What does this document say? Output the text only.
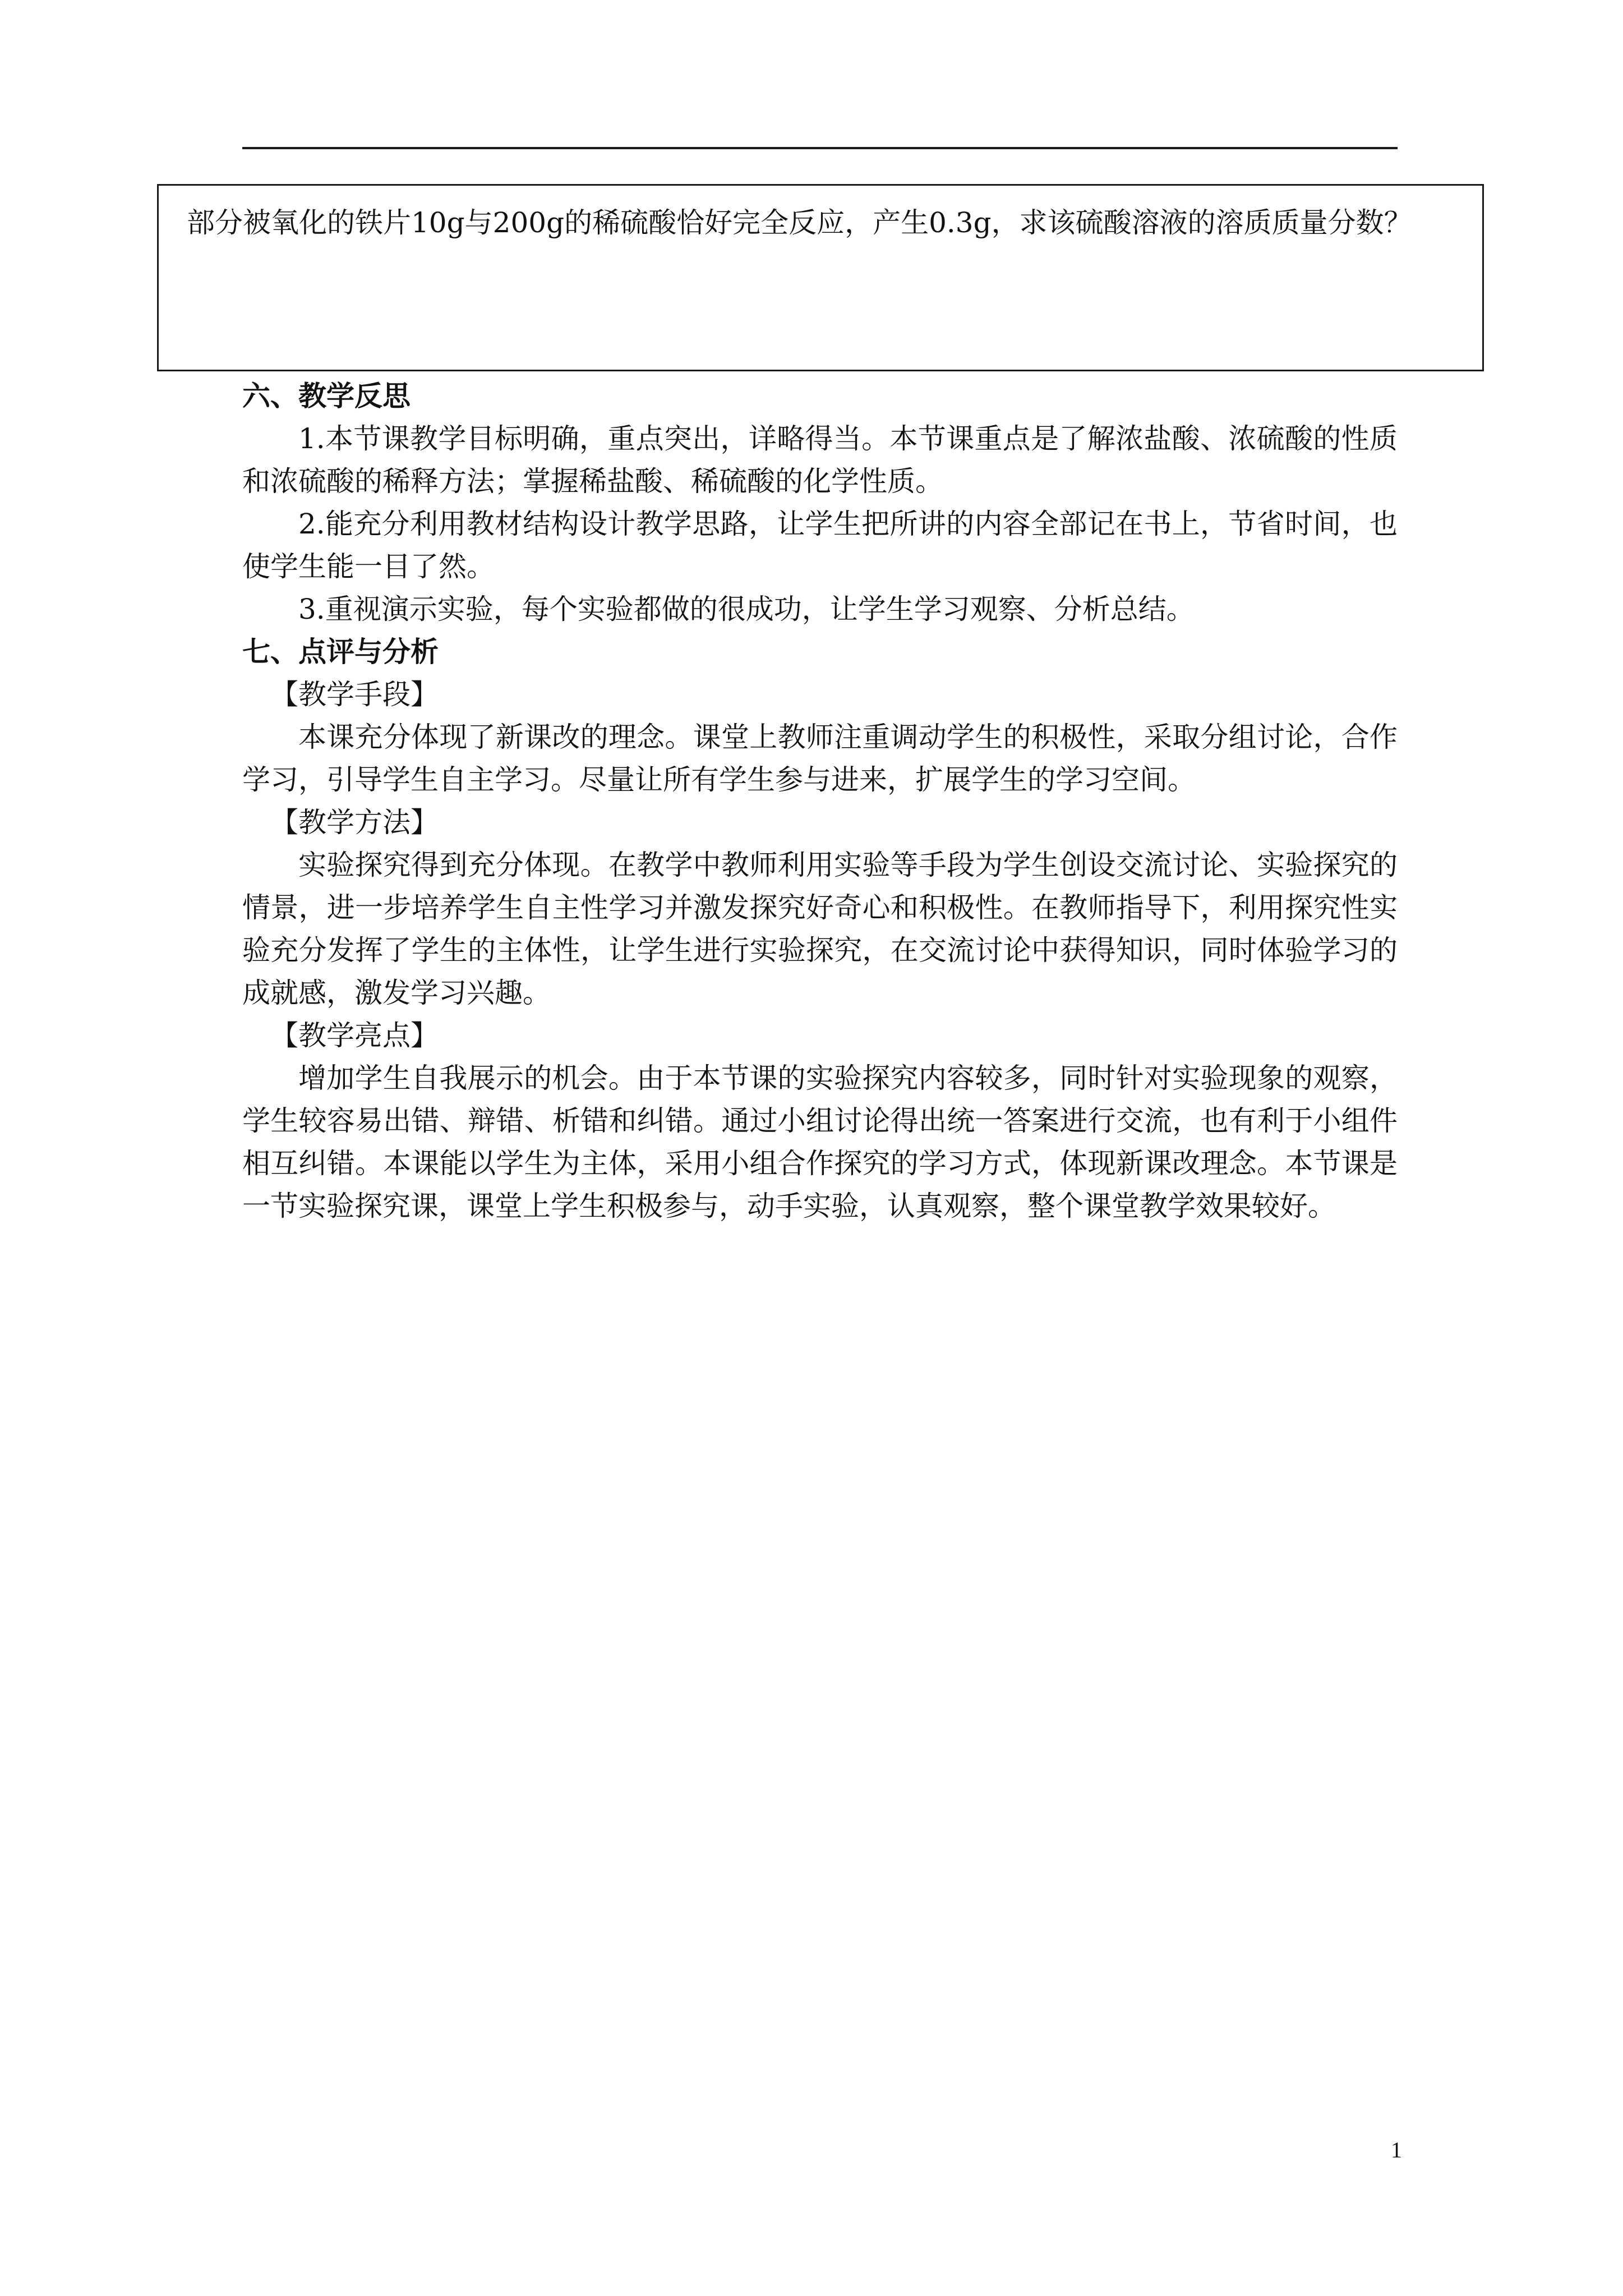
部分被氧化的铁片10g与200g的稀硫酸恰好完全反应，产生0.3g，求该硫酸溶液的溶质质量分数？

六、教学反思

1.本节课教学目标明确，重点突出，详略得当。本节课重点是了解浓盐酸、浓硫酸的性质和浓硫酸的稀释方法；掌握稀盐酸、稀硫酸的化学性质。

2.能充分利用教材结构设计教学思路，让学生把所讲的内容全部记在书上，节省时间，也使学生能一目了然。

3.重视演示实验，每个实验都做的很成功，让学生学习观察、分析总结。

七、点评与分析

【教学手段】

本课充分体现了新课改的理念。课堂上教师注重调动学生的积极性，采取分组讨论，合作学习，引导学生自主学习。尽量让所有学生参与进来，扩展学生的学习空间。

【教学方法】

实验探究得到充分体现。在教学中教师利用实验等手段为学生创设交流讨论、实验探究的情景，进一步培养学生自主性学习并激发探究好奇心和积极性。在教师指导下，利用探究性实验充分发挥了学生的主体性，让学生进行实验探究，在交流讨论中获得知识，同时体验学习的成就感，激发学习兴趣。

【教学亮点】

增加学生自我展示的机会。由于本节课的实验探究内容较多，同时针对实验现象的观察，学生较容易出错、辩错、析错和纠错。通过小组讨论得出统一答案进行交流，也有利于小组件相互纠错。本课能以学生为主体，采用小组合作探究的学习方式，体现新课改理念。本节课是一节实验探究课，课堂上学生积极参与，动手实验，认真观察，整个课堂教学效果较好。

1
